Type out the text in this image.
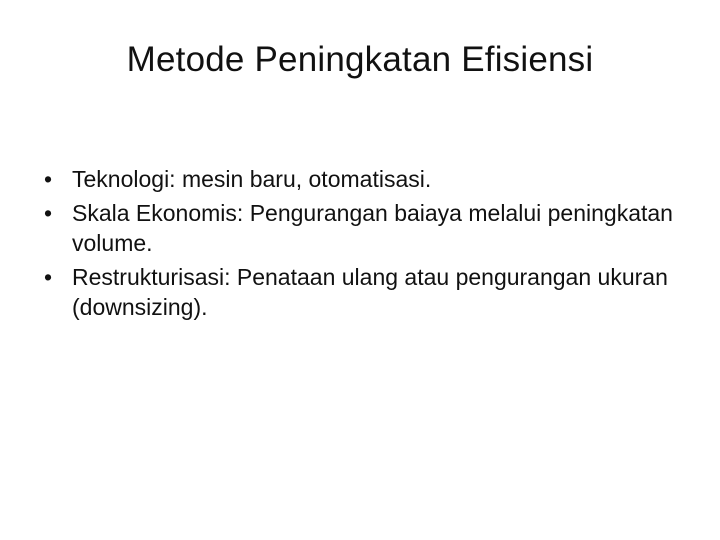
Metode Peningkatan Efisiensi
• Teknologi: mesin baru, otomatisasi.
• Skala Ekonomis: Pengurangan baiaya melalui peningkatan volume.
• Restrukturisasi: Penataan ulang atau pengurangan ukuran (downsizing).
